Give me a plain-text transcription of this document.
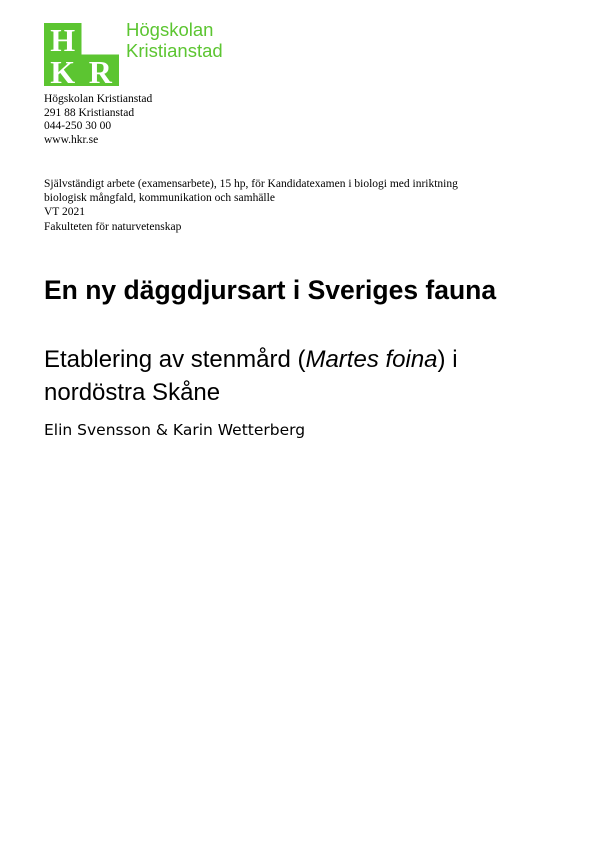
H
K R
Högskolan
Kristianstad
Högskolan Kristianstad
291 88 Kristianstad
044-250 30 00
www.hkr.se
Självständigt arbete (examensarbete), 15 hp, för Kandidatexamen i biologi med inriktning
biologisk mångfald, kommunikation och samhälle
VT 2021
Fakulteten för naturvetenskap
En ny däggdjursart i Sveriges fauna
Etablering av stenmård (Martes foina) i nordöstra Skåne
Elin Svensson & Karin Wetterberg
